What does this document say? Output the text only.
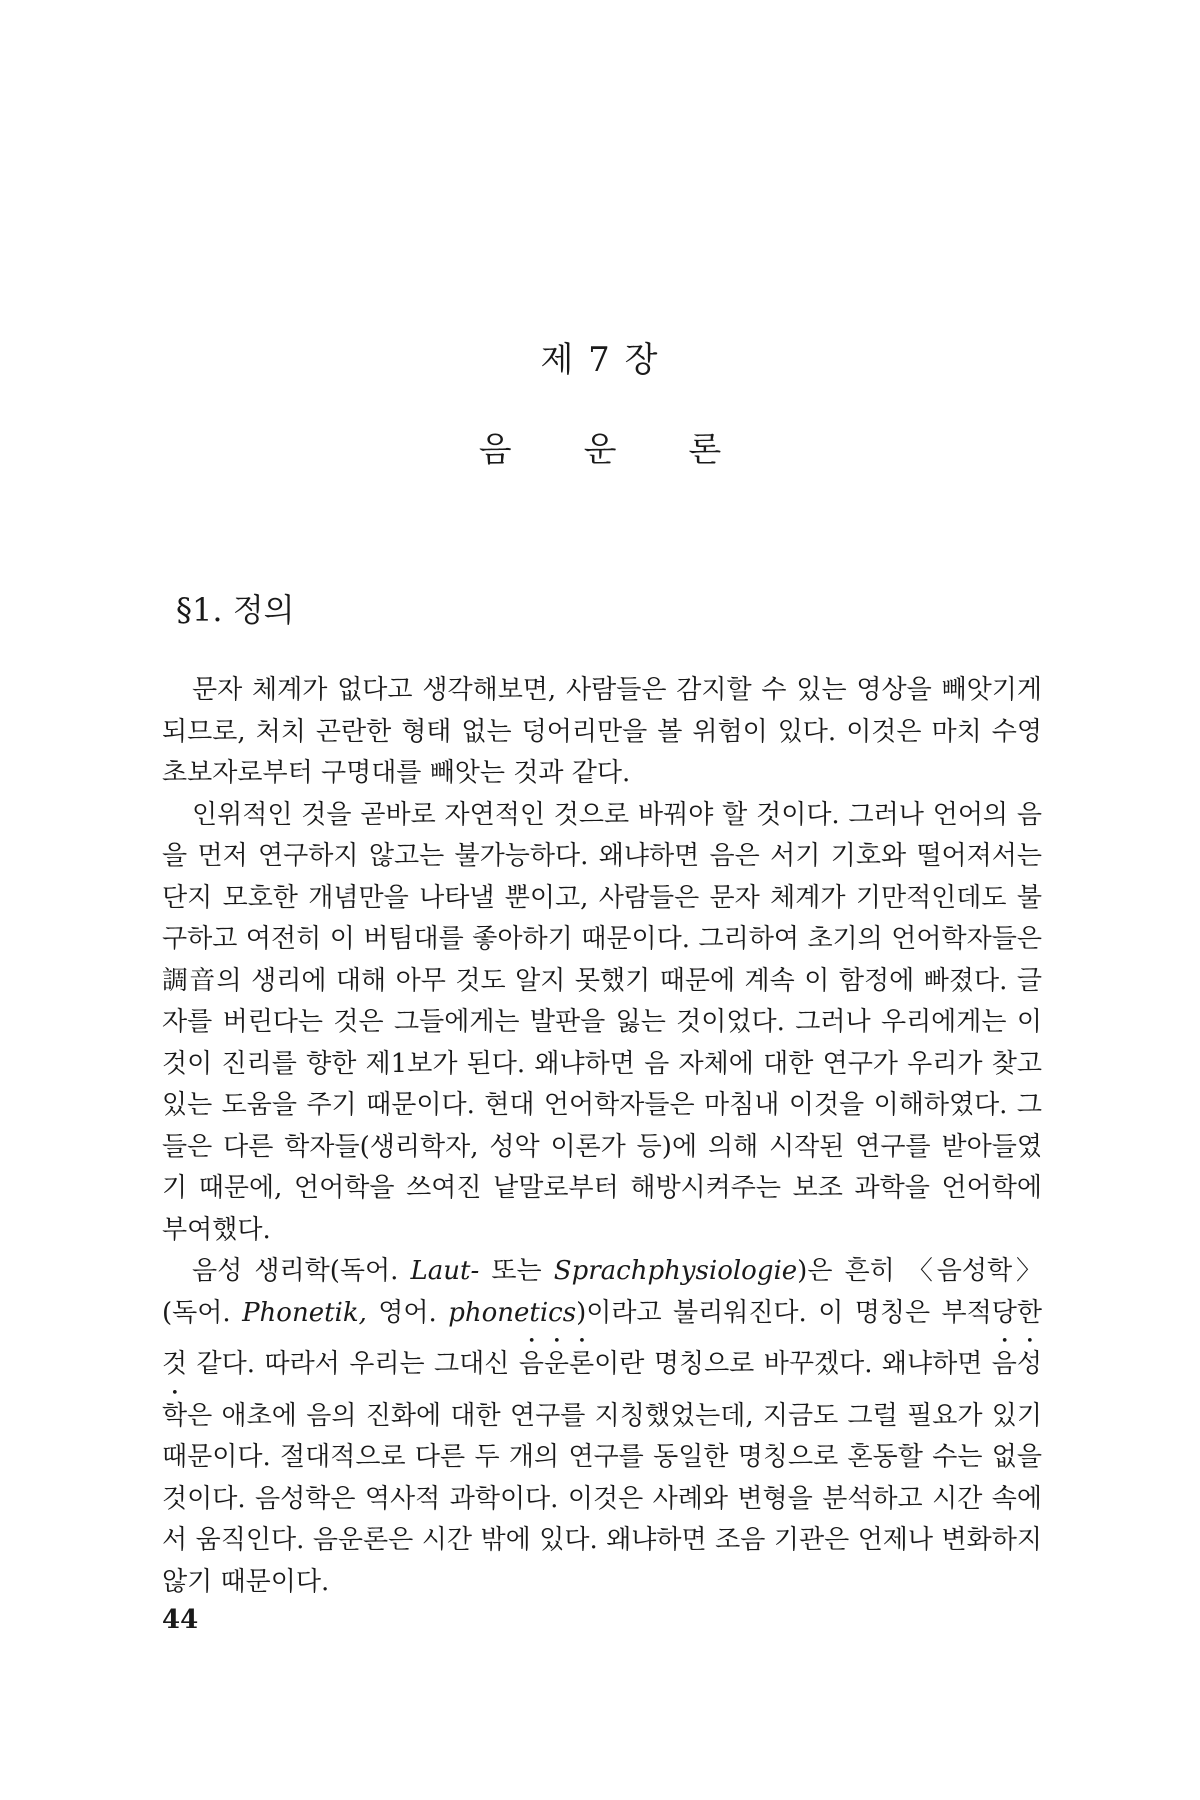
제 7 장
음 운 론
§1. 정의

문자 체계가 없다고 생각해보면, 사람들은 감지할 수 있는 영상을 빼앗기게 되므로, 처치 곤란한 형태 없는 덩어리만을 볼 위험이 있다. 이것은 마치 수영 초보자로부터 구명대를 빼앗는 것과 같다.

인위적인 것을 곧바로 자연적인 것으로 바꿔야 할 것이다. 그러나 언어의 음을 먼저 연구하지 않고는 불가능하다. 왜냐하면 음은 서기 기호와 떨어져서는 단지 모호한 개념만을 나타낼 뿐이고, 사람들은 문자 체계가 기만적인데도 불구하고 여전히 이 버팀대를 좋아하기 때문이다. 그리하여 초기의 언어학자들은 調音의 생리에 대해 아무 것도 알지 못했기 때문에 계속 이 함정에 빠졌다. 글자를 버린다는 것은 그들에게는 발판을 잃는 것이었다. 그러나 우리에게는 이것이 진리를 향한 제1보가 된다. 왜냐하면 음 자체에 대한 연구가 우리가 찾고 있는 도움을 주기 때문이다. 현대 언어학자들은 마침내 이것을 이해하였다. 그들은 다른 학자들(생리학자, 성악 이론가 등)에 의해 시작된 연구를 받아들였기 때문에, 언어학을 쓰여진 낱말로부터 해방시켜주는 보조 과학을 언어학에 부여했다.

음성 생리학(독어. Laut- 또는 Sprachphysiologie)은 흔히 〈음성학〉 (독어. Phonetik, 영어. phonetics)이라고 불리워진다. 이 명칭은 부적당한 것 같다. 따라서 우리는 그대신 음운론이란 명칭으로 바꾸겠다. 왜냐하면 음성학은 애초에 음의 진화에 대한 연구를 지칭했었는데, 지금도 그럴 필요가 있기 때문이다. 절대적으로 다른 두 개의 연구를 동일한 명칭으로 혼동할 수는 없을 것이다. 음성학은 역사적 과학이다. 이것은 사례와 변형을 분석하고 시간 속에서 움직인다. 음운론은 시간 밖에 있다. 왜냐하면 조음 기관은 언제나 변화하지 않기 때문이다.

44
